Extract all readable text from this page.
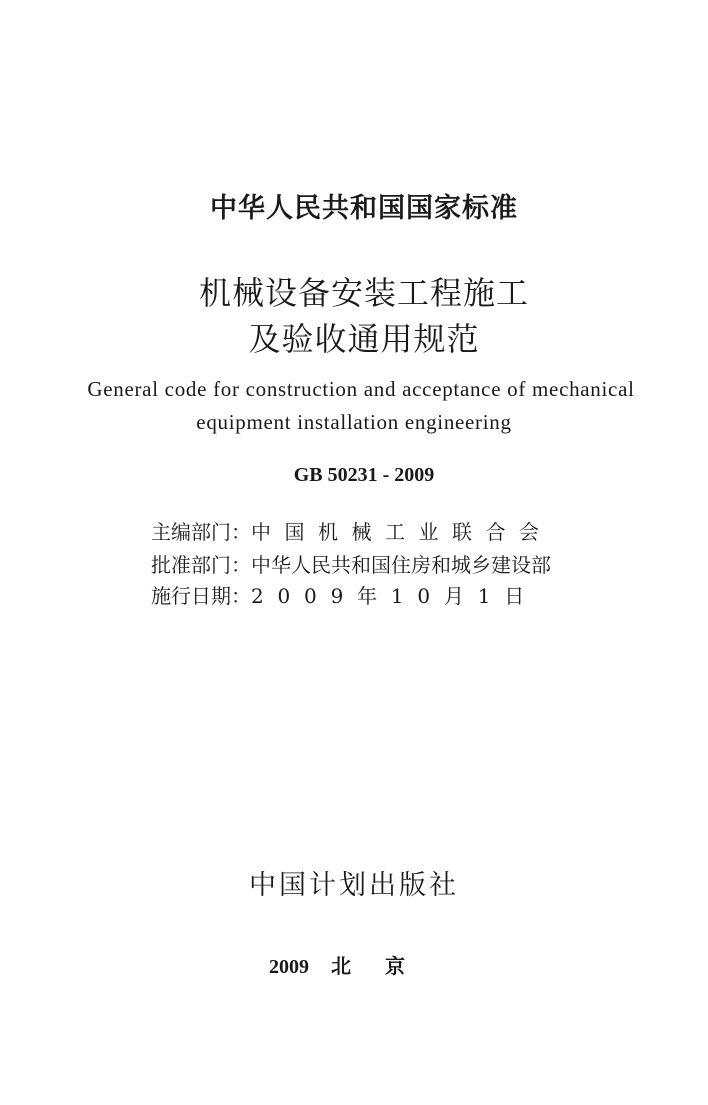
中华人民共和国国家标准
机械设备安装工程施工
及验收通用规范
General code for construction and acceptance of mechanical
equipment installation engineering
GB 50231 - 2009
主编部门：中国机械工业联合会
批准部门：中华人民共和国住房和城乡建设部
施行日期：2009年10月1日
中国计划出版社
2009 北京
